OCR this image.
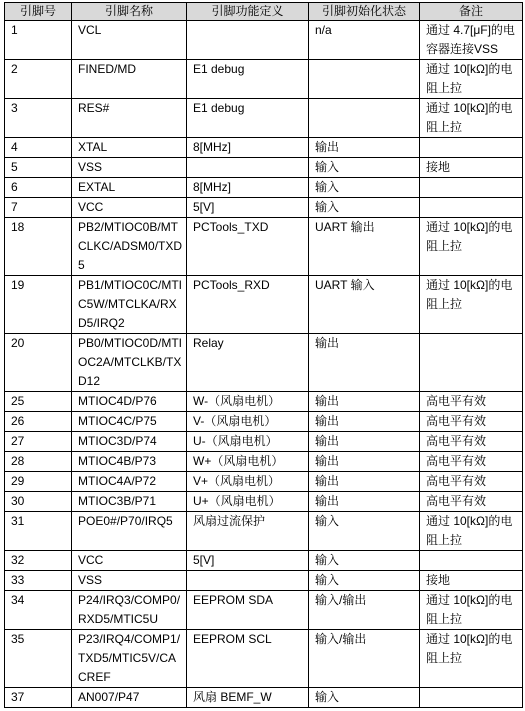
引脚号	引脚名称	引脚功能定义	引脚初始化状态	备注
1	VCL		n/a	通过 4.7[μF]的电容器连接VSS
2	FINED/MD	E1 debug		通过 10[kΩ]的电阻上拉
3	RES#	E1 debug		通过 10[kΩ]的电阻上拉
4	XTAL	8[MHz]	输出	
5	VSS		输入	接地
6	EXTAL	8[MHz]	输入	
7	VCC	5[V]	输入	
18	PB2/MTIOC0B/MTCLKC/ADSM0/TXD5	PCTools_TXD	UART 输出	通过 10[kΩ]的电阻上拉
19	PB1/MTIOC0C/MTIC5W/MTCLKA/RXD5/IRQ2	PCTools_RXD	UART 输入	通过 10[kΩ]的电阻上拉
20	PB0/MTIOC0D/MTIOC2A/MTCLKB/TXD12	Relay	输出	
25	MTIOC4D/P76	W-（风扇电机）	输出	高电平有效
26	MTIOC4C/P75	V-（风扇电机）	输出	高电平有效
27	MTIOC3D/P74	U-（风扇电机）	输出	高电平有效
28	MTIOC4B/P73	W+（风扇电机）	输出	高电平有效
29	MTIOC4A/P72	V+（风扇电机）	输出	高电平有效
30	MTIOC3B/P71	U+（风扇电机）	输出	高电平有效
31	POE0#/P70/IRQ5	风扇过流保护	输入	通过 10[kΩ]的电阻上拉
32	VCC	5[V]	输入	
33	VSS		输入	接地
34	P24/IRQ3/COMP0/RXD5/MTIC5U	EEPROM SDA	输入/输出	通过 10[kΩ]的电阻上拉
35	P23/IRQ4/COMP1/TXD5/MTIC5V/CACREF	EEPROM SCL	输入/输出	通过 10[kΩ]的电阻上拉
37	AN007/P47	风扇 BEMF_W	输入	
